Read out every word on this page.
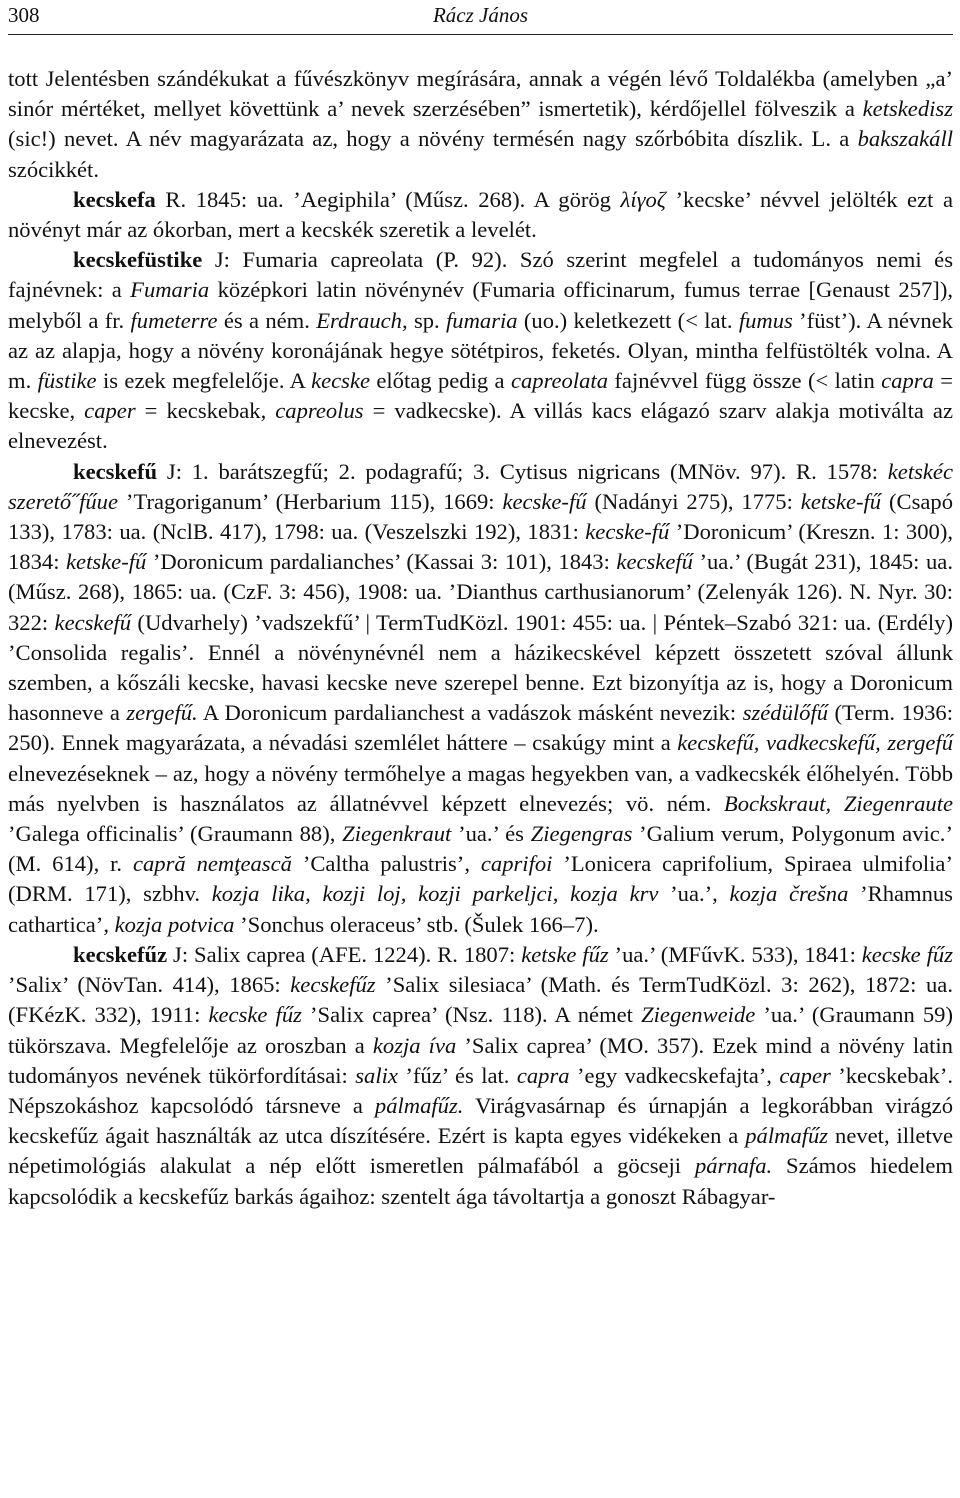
308	Rácz János

tott Jelentésben szándékukat a fűvészkönyv megírására, annak a végén lévő Toldalékba (amelyben „a’ sinór mértéket, mellyet követtünk a’ nevek szerzésében” ismertetik), kérdőjellel fölveszik a ketskedisz (sic!) nevet. A név magyarázata az, hogy a növény termésén nagy szőrbóbita díszlik. L. a bakszakáll szócikkét.

kecskefa R. 1845: ua. ’Aegiphila’ (Műsz. 268). A görög λίγοζ ’kecske’ névvel jelölték ezt a növényt már az ókorban, mert a kecskék szeretik a levelét.

kecskefüstike J: Fumaria capreolata (P. 92). Szó szerint megfelel a tudományos nemi és fajnévnek: a Fumaria középkori latin növénynév (Fumaria officinarum, fumus terrae [Genaust 257]), melyből a fr. fumeterre és a ném. Erdrauch, sp. fumaria (uo.) keletkezett (< lat. fumus ’füst’). A névnek az az alapja, hogy a növény koronájának hegye sötétpiros, feketés. Olyan, mintha felfüstölték volna. A m. füstike is ezek megfelelője. A kecske előtag pedig a capreolata fajnévvel függ össze (< latin capra = kecske, caper = kecskebak, capreolus = vadkecske). A villás kacs elágazó szarv alakja motiválta az elnevezést.

kecskefű J: 1. barátszegfű; 2. podagrafű; 3. Cytisus nigricans (MNöv. 97). R. 1578: ketskéc szerető̋ fűue ’Tragoriganum’ (Herbarium 115), 1669: kecske-fű (Nadányi 275), 1775: ketske-fű (Csapó 133), 1783: ua. (NclB. 417), 1798: ua. (Veszelszki 192), 1831: kecske-fű ’Doronicum’ (Kreszn. 1: 300), 1834: ketske-fű ’Doronicum pardalianches’ (Kassai 3: 101), 1843: kecskefű ’ua.’ (Bugát 231), 1845: ua. (Műsz. 268), 1865: ua. (CzF. 3: 456), 1908: ua. ’Dianthus carthusianorum’ (Zelenyák 126). N. Nyr. 30: 322: kecskefű (Udvarhely) ’vadszekfű’ | TermTudKözl. 1901: 455: ua. | Péntek–Szabó 321: ua. (Erdély) ’Consolida regalis’. Ennél a növénynévnél nem a házikecskével képzett összetett szóval állunk szemben, a kőszáli kecske, havasi kecske neve szerepel benne. Ezt bizonyítja az is, hogy a Doronicum hasonneve a zergefű. A Doronicum pardalianchest a vadászok másként nevezik: szédülőfű (Term. 1936: 250). Ennek magyarázata, a névadási szemlélet háttere – csakúgy mint a kecskefű, vadkecskefű, zergefű elnevezéseknek – az, hogy a növény termőhelye a magas hegyekben van, a vadkecskék élőhelyén. Több más nyelvben is használatos az állatnévvel képzett elnevezés; vö. ném. Bockskraut, Ziegenraute ’Galega officinalis’ (Graumann 88), Ziegenkraut ’ua.’ és Ziegengras ’Galium verum, Polygonum avic.’ (M. 614), r. capră nemţească ’Caltha palustris’, caprifoi ’Lonicera caprifolium, Spiraea ulmifolia’ (DRM. 171), szbhv. kozja lika, kozji loj, kozji parkeljci, kozja krv ’ua.’, kozja črešna ’Rhamnus cathartica’, kozja potvica ’Sonchus oleraceus’ stb. (Šulek 166–7).

kecskefűz J: Salix caprea (AFE. 1224). R. 1807: ketske fűz ’ua.’ (MFűvK. 533), 1841: kecske fűz ’Salix’ (NövTan. 414), 1865: kecskefűz ’Salix silesiaca’ (Math. és TermTudKözl. 3: 262), 1872: ua. (FKézK. 332), 1911: kecske fűz ’Salix caprea’ (Nsz. 118). A német Ziegenweide ’ua.’ (Graumann 59) tükörszava. Megfelelője az oroszban a kozja íva ’Salix caprea’ (MO. 357). Ezek mind a növény latin tudományos nevének tükörfordításai: salix ’fűz’ és lat. capra ’egy vadkecskefajta’, caper ’kecskebak’. Népszokáshoz kapcsolódó társneve a pálmafűz. Virágvasárnap és úrnapján a legkorábban virágzó kecskefűz ágait használták az utca díszítésére. Ezért is kapta egyes vidékeken a pálmafűz nevet, illetve népetimológiás alakulat a nép előtt ismeretlen pálmafából a göcseji párnafa. Számos hiedelem kapcsolódik a kecskefűz barkás ágaihoz: szentelt ága távoltartja a gonoszt Rábagyar-
